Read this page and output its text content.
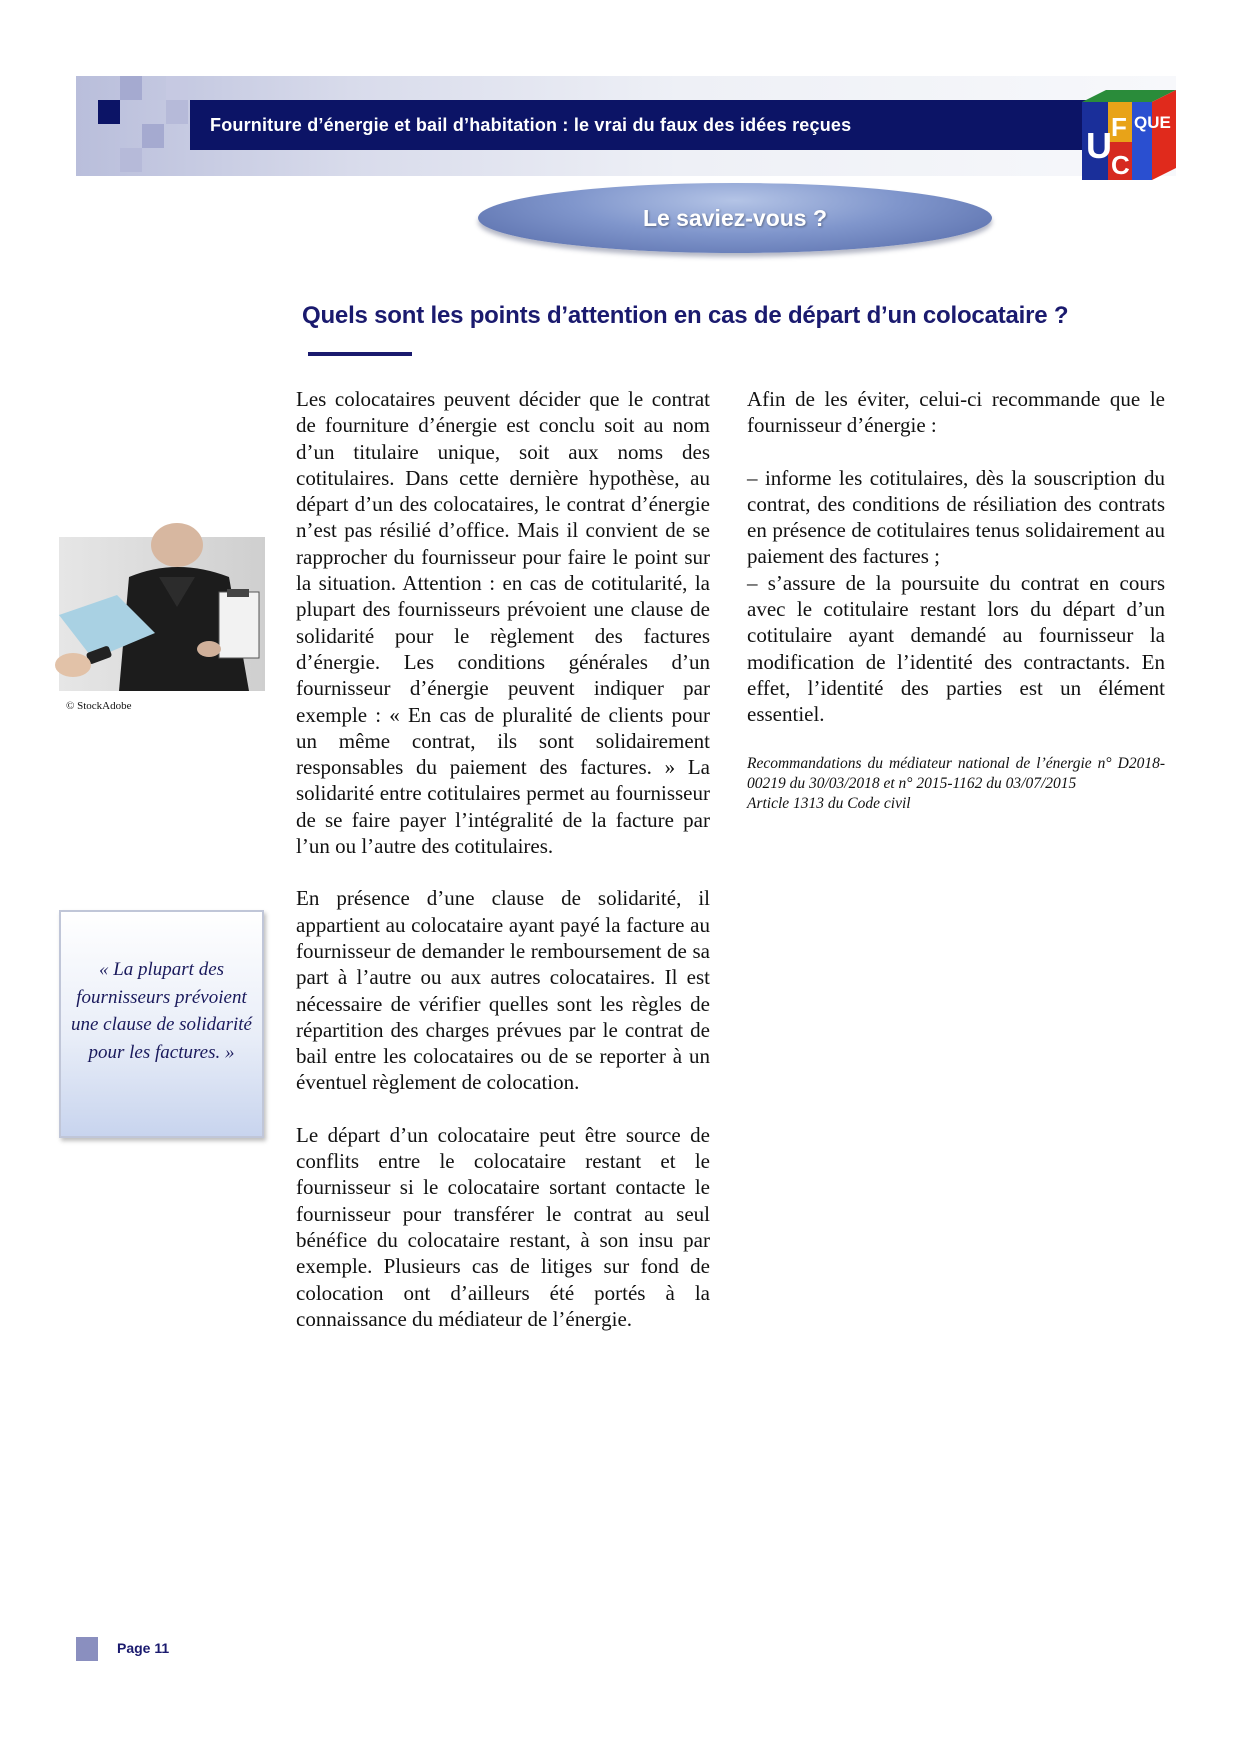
Fourniture d’énergie et bail d’habitation : le vrai du faux des idées reçues
U F
C
QUE CHOISIR
Le saviez-vous ?
Quels sont les points d’attention en cas de départ d’un colocataire ?
© StockAdobe
« La plupart des fournisseurs prévoient une clause de solidarité pour les factures. »

Les colocataires peuvent décider que le contrat de fourniture d’énergie est conclu soit au nom d’un titulaire unique, soit aux noms des cotitulaires. Dans cette dernière hypothèse, au départ d’un des colocataires, le contrat d’énergie n’est pas résilié d’office. Mais il convient de se rapprocher du fournisseur pour faire le point sur la situation. Attention : en cas de cotitularité, la plupart des fournisseurs prévoient une clause de solidarité pour le règlement des factures d’énergie. Les conditions générales d’un fournisseur d’énergie peuvent indiquer par exemple : « En cas de pluralité de clients pour un même contrat, ils sont solidairement responsables du paiement des factures. » La solidarité entre cotitulaires permet au fournisseur de se faire payer l’intégralité de la facture par l’un ou l’autre des cotitulaires.

En présence d’une clause de solidarité, il appartient au colocataire ayant payé la facture au fournisseur de demander le remboursement de sa part à l’autre ou aux autres colocataires. Il est nécessaire de vérifier quelles sont les règles de répartition des charges prévues par le contrat de bail entre les colocataires ou de se reporter à un éventuel règlement de colocation.

Le départ d’un colocataire peut être source de conflits entre le colocataire restant et le fournisseur si le colocataire sortant contacte le fournisseur pour transférer le contrat au seul bénéfice du colocataire restant, à son insu par exemple. Plusieurs cas de litiges sur fond de colocation ont d’ailleurs été portés à la connaissance du médiateur de l’énergie.

Afin de les éviter, celui-ci recommande que le fournisseur d’énergie :

– informe les cotitulaires, dès la souscription du contrat, des conditions de résiliation des contrats en présence de cotitulaires tenus solidairement au paiement des factures ;

– s’assure de la poursuite du contrat en cours avec le cotitulaire restant lors du départ d’un cotitulaire ayant demandé au fournisseur la modification de l’identité des contractants. En effet, l’identité des parties est un élément essentiel.

Recommandations du médiateur national de l’énergie n° D2018-00219 du 30/03/2018 et n° 2015-1162 du 03/07/2015
Article 1313 du Code civil
Page 11
